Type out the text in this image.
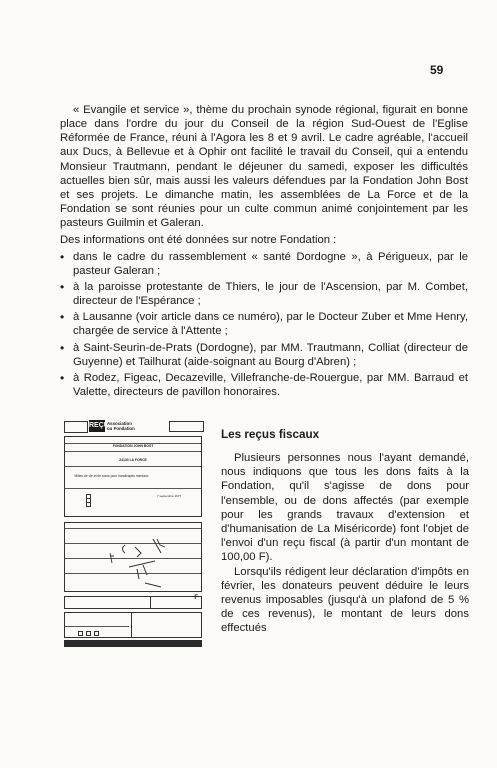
59

« Evangile et service », thème du prochain synode régional, figurait en bonne place dans l'ordre du jour du Conseil de la région Sud-Ouest de l'Eglise Réformée de France, réuni à l'Agora les 8 et 9 avril. Le cadre agréable, l'accueil aux Ducs, à Bellevue et à Ophir ont facilité le travail du Conseil, qui a entendu Monsieur Trautmann, pendant le déjeuner du samedi, exposer les difficultés actuelles bien sûr, mais aussi les valeurs défendues par la Fondation John Bost et ses projets. Le dimanche matin, les assemblées de La Force et de la Fondation se sont réunies pour un culte commun animé conjointement par les pasteurs Guilmin et Galeran.

Des informations ont été données sur notre Fondation :

• dans le cadre du rassemblement « santé Dordogne », à Périgueux, par le pasteur Galeran ;
• à la paroisse protestante de Thiers, le jour de l'Ascension, par M. Combet, directeur de l'Espérance ;
• à Lausanne (voir article dans ce numéro), par le Docteur Zuber et Mme Henry, chargée de service à l'Attente ;
• à Saint-Seurin-de-Prats (Dordogne), par MM. Trautmann, Colliat (directeur de Guyenne) et Tailhurat (aide-soignant au Bourg d'Abren) ;
• à Rodez, Figeac, Decazeville, Villefranche-de-Rouergue, par MM. Barraud et Valette, directeurs de pavillon honoraires.
REÇU
Association
ou Fondation
FONDATION JOHN BOST
24130 LA FORCE
Milieu de vie et de soins pour handicapés mentaux
7 septembre 1977
F

Les reçus fiscaux

Plusieurs personnes nous l'ayant demandé, nous indiquons que tous les dons faits à la Fondation, qu'il s'agisse de dons pour l'ensemble, ou de dons affectés (par exemple pour les grands travaux d'extension et d'humanisation de La Miséricorde) font l'objet de l'envoi d'un reçu fiscal (à partir d'un montant de 100,00 F).

Lorsqu'ils rédigent leur déclaration d'impôts en février, les donateurs peuvent déduire le leurs revenus imposables (jusqu'à un plafond de 5 % de ces revenus), le montant de leurs dons effectués
